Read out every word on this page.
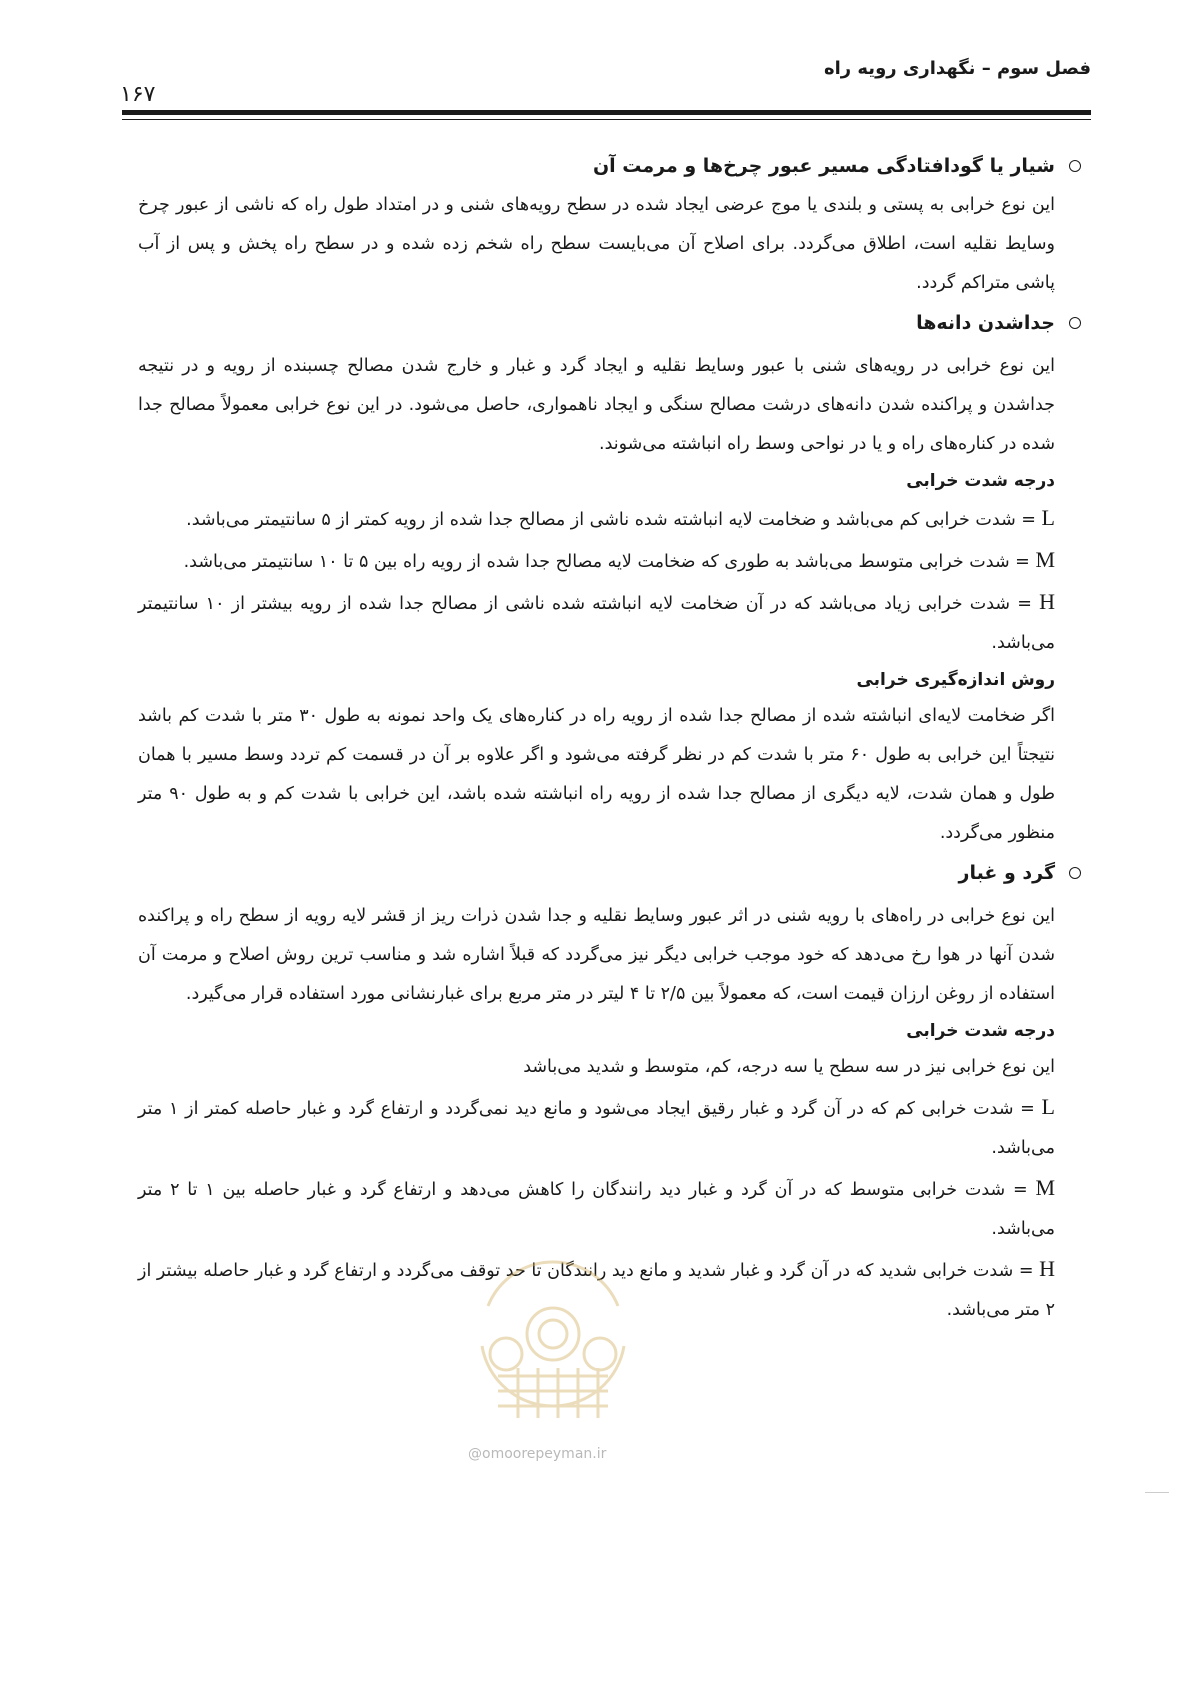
فصل سوم – نگهداری رویه راه
۱۶۷
شیار یا گودافتادگی مسیر عبور چرخ‌ها و مرمت آن

این نوع خرابی به پستی و بلندی یا موج عرضی ایجاد شده در سطح رویه‌های شنی و در امتداد طول راه که ناشی از عبور چرخ وسایط نقلیه است، اطلاق می‌گردد. برای اصلاح آن می‌بایست سطح راه شخم زده شده و در سطح راه پخش و پس از آب پاشی متراکم گردد.

جداشدن دانه‌ها

این نوع خرابی در رویه‌های شنی با عبور وسایط نقلیه و ایجاد گرد و غبار و خارج شدن مصالح چسبنده از رویه و در نتیجه جداشدن و پراکنده شدن دانه‌های درشت مصالح سنگی و ایجاد ناهمواری، حاصل می‌شود. در این نوع خرابی معمولاً مصالح جدا شده در کناره‌های راه و یا در نواحی وسط راه انباشته می‌شوند.

درجه شدت خرابی

L = شدت خرابی کم می‌باشد و ضخامت لایه انباشته شده ناشی از مصالح جدا شده از رویه کمتر از ۵ سانتیمتر می‌باشد.

M = شدت خرابی متوسط می‌باشد به طوری که ضخامت لایه مصالح جدا شده از رویه راه بین ۵ تا ۱۰ سانتیمتر می‌باشد.

H = شدت خرابی زیاد می‌باشد که در آن ضخامت لایه انباشته شده ناشی از مصالح جدا شده از رویه بیشتر از ۱۰ سانتیمتر می‌باشد.

روش اندازه‌گیری خرابی

اگر ضخامت لایه‌ای انباشته شده از مصالح جدا شده از رویه راه در کناره‌های یک واحد نمونه به طول ۳۰ متر با شدت کم باشد نتیجتاً این خرابی به طول ۶۰ متر با شدت کم در نظر گرفته می‌شود و اگر علاوه بر آن در قسمت کم تردد وسط مسیر با همان طول و همان شدت، لایه دیگری از مصالح جدا شده از رویه راه انباشته شده باشد، این خرابی با شدت کم و به طول ۹۰ متر منظور می‌گردد.

گرد و غبار

این نوع خرابی در راه‌های با رویه شنی در اثر عبور وسایط نقلیه و جدا شدن ذرات ریز از قشر لایه رویه از سطح راه و پراکنده شدن آنها در هوا رخ می‌دهد که خود موجب خرابی دیگر نیز می‌گردد که قبلاً اشاره شد و مناسب ترین روش اصلاح و مرمت آن استفاده از روغن ارزان قیمت است، که معمولاً بین ۲/۵ تا ۴ لیتر در متر مربع برای غبارنشانی مورد استفاده قرار می‌گیرد.

درجه شدت خرابی

این نوع خرابی نیز در سه سطح یا سه درجه، کم، متوسط و شدید می‌باشد

L = شدت خرابی کم که در آن گرد و غبار رقیق ایجاد می‌شود و مانع دید نمی‌گردد و ارتفاع گرد و غبار حاصله کمتر از ۱ متر می‌باشد.

M = شدت خرابی متوسط که در آن گرد و غبار دید رانندگان را کاهش می‌دهد و ارتفاع گرد و غبار حاصله بین ۱ تا ۲ متر می‌باشد.

H = شدت خرابی شدید که در آن گرد و غبار شدید و مانع دید رانندگان تا حد توقف می‌گردد و ارتفاع گرد و غبار حاصله بیشتر از ۲ متر می‌باشد.

@omoorepeyman.ir
